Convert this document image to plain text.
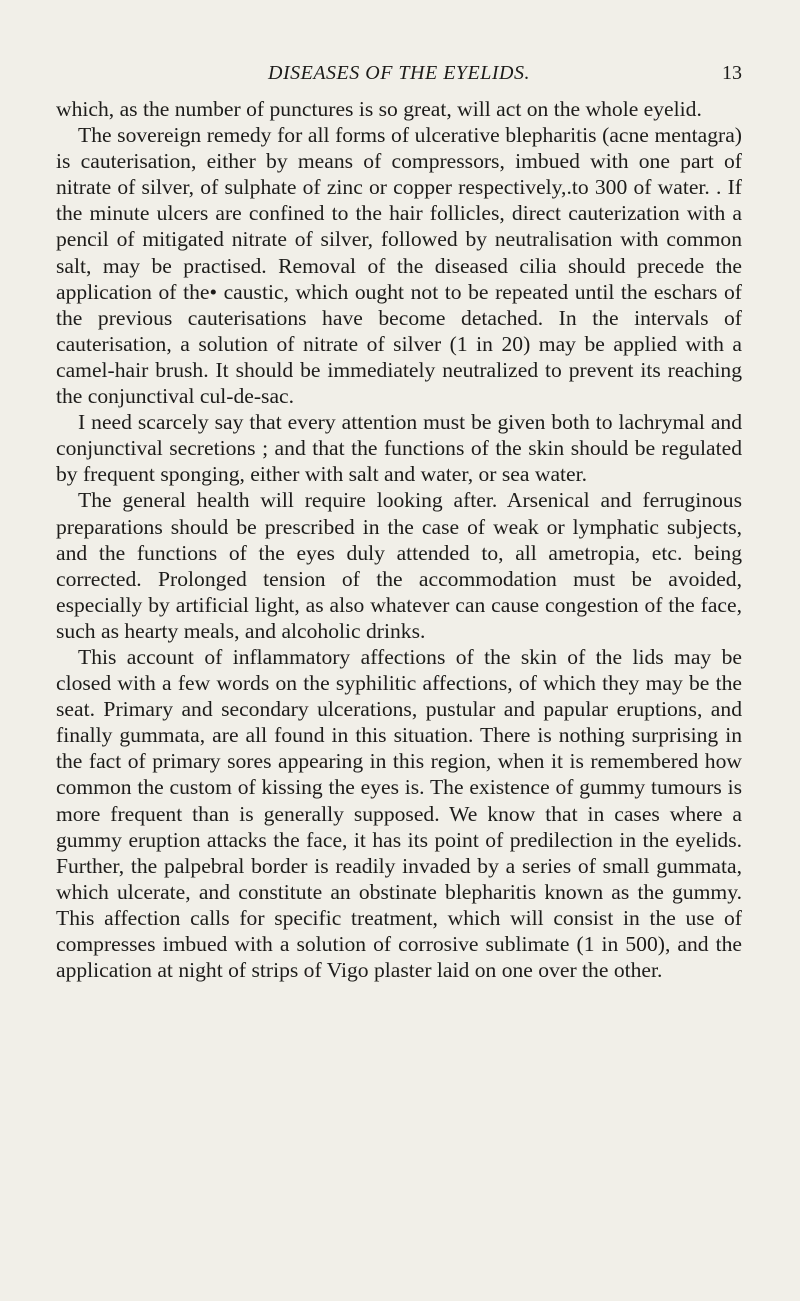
DISEASES OF THE EYELIDS.	13

which, as the number of punctures is so great, will act on the whole eyelid.

The sovereign remedy for all forms of ulcerative blepharitis (acne mentagra) is cauterisation, either by means of compressors, imbued with one part of nitrate of silver, of sulphate of zinc or copper respectively,.to 300 of water. . If the minute ulcers are confined to the hair follicles, direct cauterization with a pencil of mitigated nitrate of silver, followed by neutralisation with common salt, may be practised. Removal of the diseased cilia should precede the application of the• caustic, which ought not to be repeated until the eschars of the previous cauterisations have become detached. In the intervals of cauterisation, a solution of nitrate of silver (1 in 20) may be applied with a camel-hair brush. It should be immediately neutralized to prevent its reaching the conjunctival cul-de-sac.

I need scarcely say that every attention must be given both to lachrymal and conjunctival secretions ; and that the functions of the skin should be regulated by frequent sponging, either with salt and water, or sea water.

The general health will require looking after. Arsenical and ferruginous preparations should be prescribed in the case of weak or lymphatic subjects, and the functions of the eyes duly attended to, all ametropia, etc. being corrected. Prolonged tension of the accommodation must be avoided, especially by artificial light, as also whatever can cause congestion of the face, such as hearty meals, and alcoholic drinks.

This account of inflammatory affections of the skin of the lids may be closed with a few words on the syphilitic affections, of which they may be the seat. Primary and secondary ulcerations, pustular and papular eruptions, and finally gummata, are all found in this situation. There is nothing surprising in the fact of primary sores appearing in this region, when it is remembered how common the custom of kissing the eyes is. The existence of gummy tumours is more frequent than is generally supposed. We know that in cases where a gummy eruption attacks the face, it has its point of predilection in the eyelids. Further, the palpebral border is readily invaded by a series of small gummata, which ulcerate, and constitute an obstinate blepharitis known as the gummy. This affection calls for specific treatment, which will consist in the use of compresses imbued with a solution of corrosive sublimate (1 in 500), and the application at night of strips of Vigo plaster laid on one over the other.
